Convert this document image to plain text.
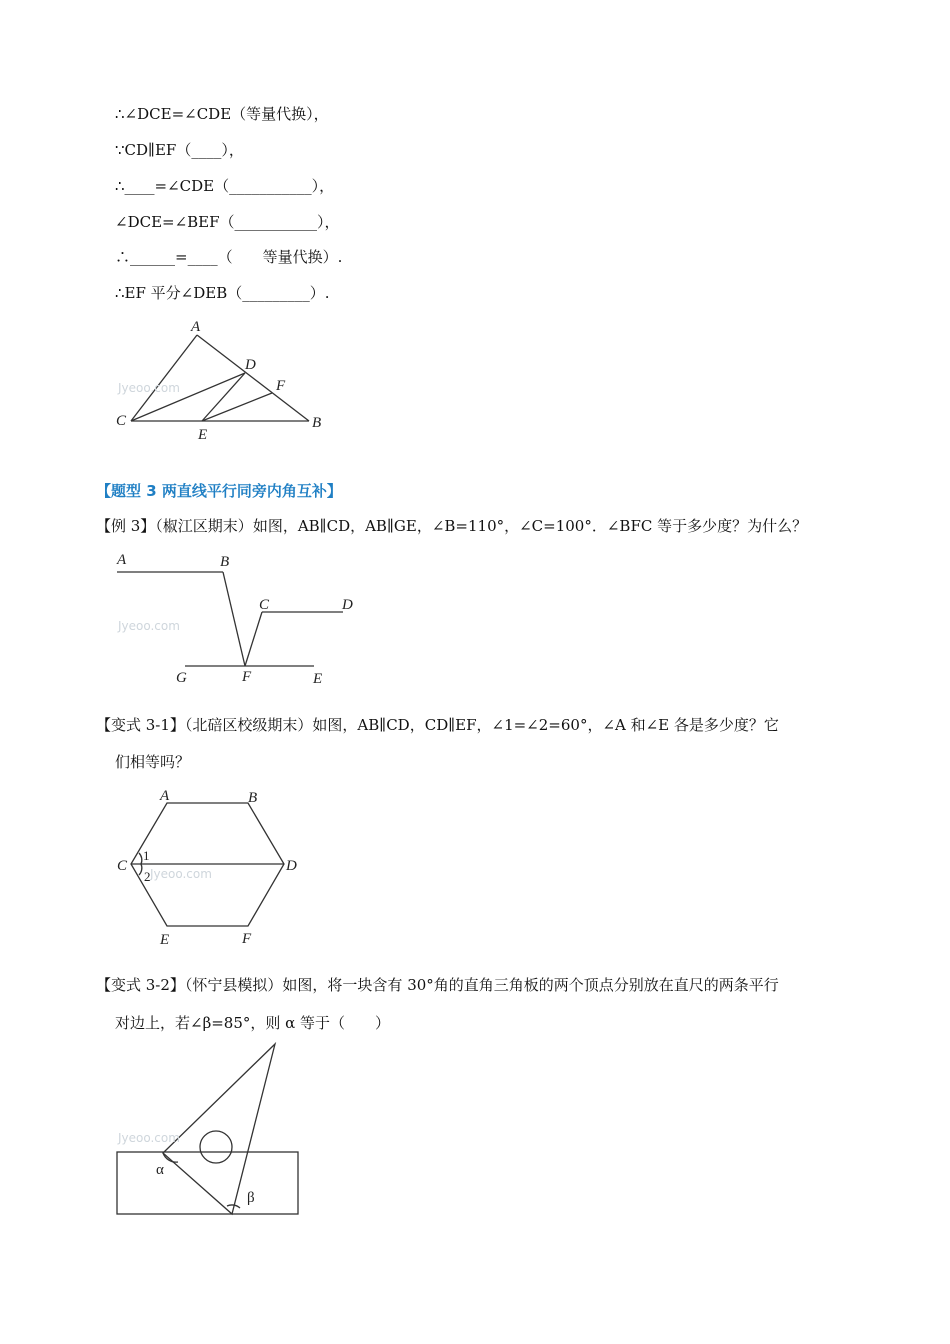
∴∠DCE=∠CDE（等量代换），
∵CD∥EF（____），
∴____=∠CDE（___________），
∠DCE=∠BEF（___________），
∴______=____（　　等量代换）.
∴EF 平分∠DEB（_________）.
Jyeoo.com
A
D
F
C
E
B
【题型 3 两直线平行同旁内角互补】
【例 3】（椒江区期末）如图，AB∥CD，AB∥GE，∠B=110°，∠C=100°．∠BFC 等于多少度？为什么？
Jyeoo.com
A	B
C	D
G	F	E
【变式 3-1】（北碚区校级期末）如图，AB∥CD，CD∥EF，∠1=∠2=60°，∠A 和∠E 各是多少度？它
们相等吗？
Jyeoo.com
A	B
C
1
2
D
E	F
【变式 3-2】（怀宁县模拟）如图，将一块含有 30°角的直角三角板的两个顶点分别放在直尺的两条平行
对边上，若∠β=85°，则 α 等于（　　）
Jyeoo.com
α
β
